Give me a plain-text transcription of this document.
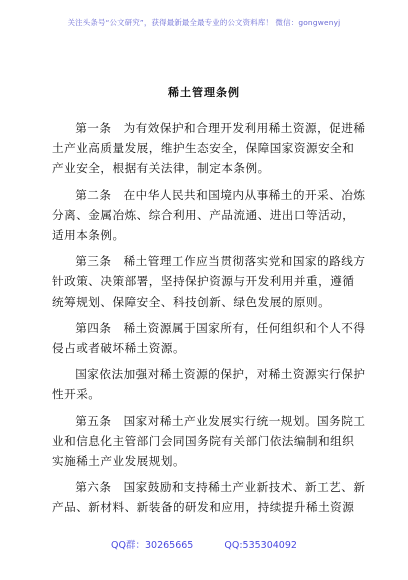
关注头条号“公文研究”，获得最新最全最专业的公文资料库！ 微信：gongwenyj
稀土管理条例

第一条　为有效保护和合理开发利用稀土资源，促进稀
土产业高质量发展，维护生态安全，保障国家资源安全和
产业安全，根据有关法律，制定本条例。

第二条　在中华人民共和国境内从事稀土的开采、冶炼
分离、金属冶炼、综合利用、产品流通、进出口等活动，
适用本条例。

第三条　稀土管理工作应当贯彻落实党和国家的路线方
针政策、决策部署，坚持保护资源与开发利用并重，遵循
统筹规划、保障安全、科技创新、绿色发展的原则。

第四条　稀土资源属于国家所有，任何组织和个人不得
侵占或者破坏稀土资源。

国家依法加强对稀土资源的保护，对稀土资源实行保护
性开采。

第五条　国家对稀土产业发展实行统一规划。国务院工
业和信息化主管部门会同国务院有关部门依法编制和组织
实施稀土产业发展规划。

第六条　国家鼓励和支持稀土产业新技术、新工艺、新
产品、新材料、新装备的研发和应用，持续提升稀土资源

QQ群：30265665	QQ:535304092
